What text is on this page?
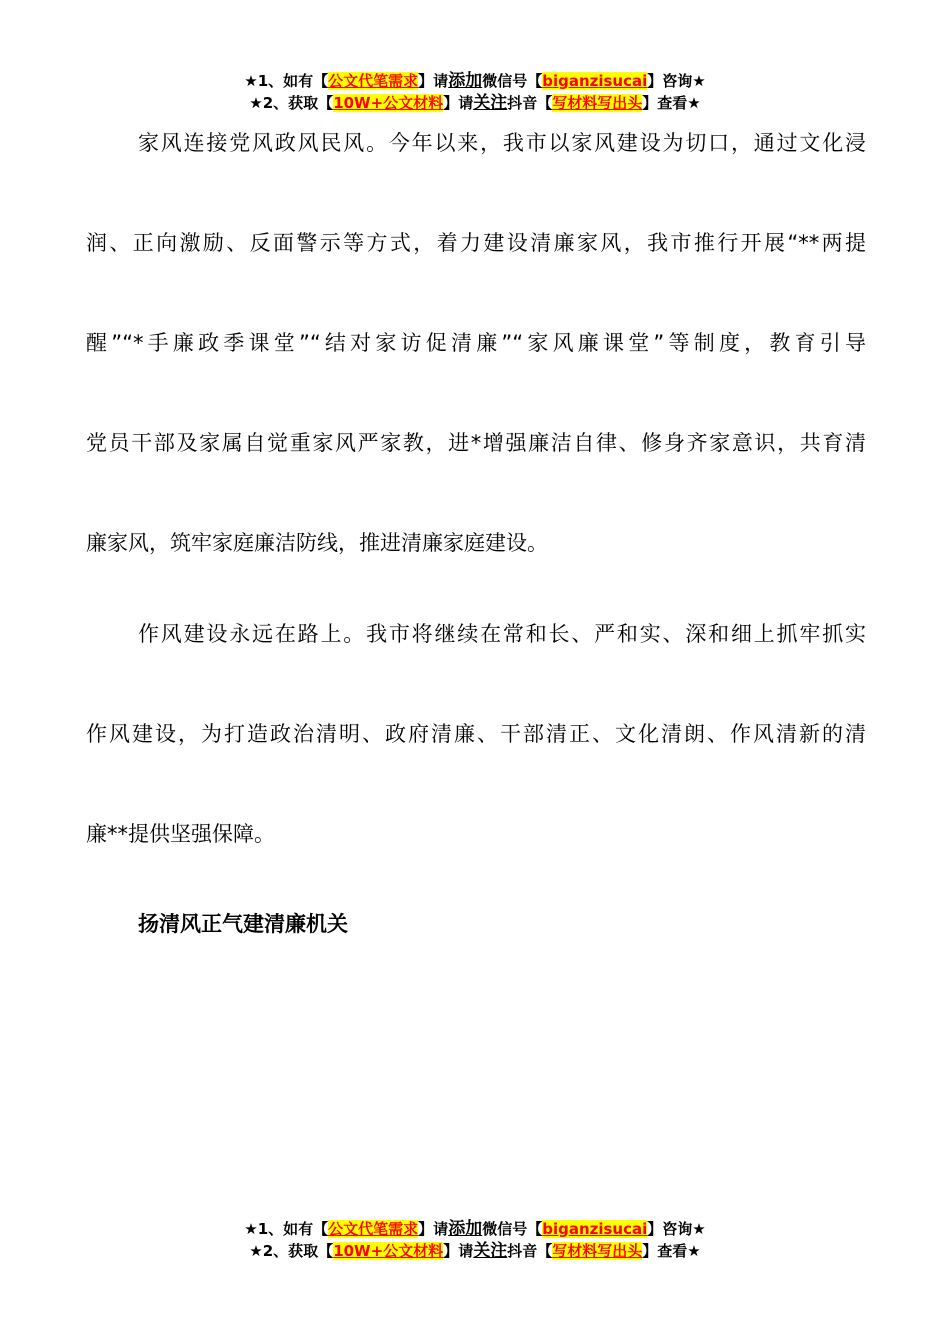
★1、如有【公文代笔需求】请添加微信号【biganzisucai】咨询★
★2、获取【10W+公文材料】请关注抖音【写材料写出头】查看★
家风连接党风政风民风。今年以来，我市以家风建设为切口，通过文化浸
润、正向激励、反面警示等方式，着力建设清廉家风，我市推行开展“**两提
醒”“*手廉政季课堂”“结对家访促清廉”“家风廉课堂”等制度，教育引导
党员干部及家属自觉重家风严家教，进*增强廉洁自律、修身齐家意识，共育清
廉家风，筑牢家庭廉洁防线，推进清廉家庭建设。
作风建设永远在路上。我市将继续在常和长、严和实、深和细上抓牢抓实
作风建设，为打造政治清明、政府清廉、干部清正、文化清朗、作风清新的清
廉**提供坚强保障。
扬清风正气建清廉机关
★1、如有【公文代笔需求】请添加微信号【biganzisucai】咨询★
★2、获取【10W+公文材料】请关注抖音【写材料写出头】查看★
